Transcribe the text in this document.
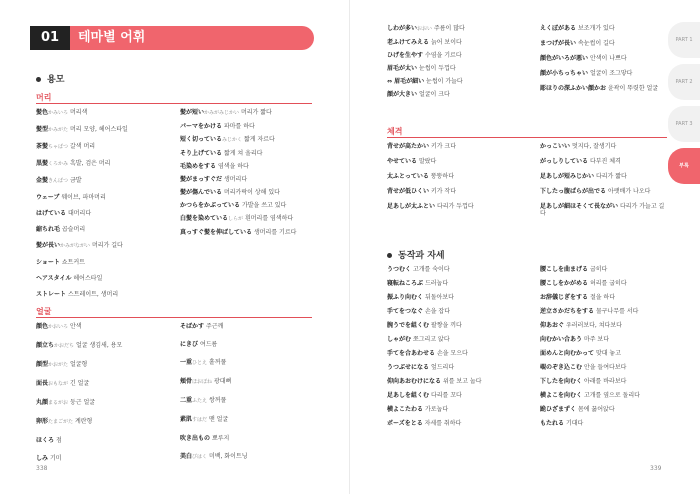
01	테마별 어휘
용모
머리
髪色かみいろ 머리색
髪型かみがた 머리 모양, 헤어스타일
茶髪ちゃぱつ 갈색 머리
黒髪くろかみ 흑발, 검은 머리
金髪きんぱつ 금발
ウェーブ 웨이브, 파마머리
はげている 대머리다
縮ちれ毛 곱슬머리
髪が長いかみがながい 머리가 길다
ショート 쇼트커트
ヘアスタイル 헤어스타일
ストレート 스트레이트, 생머리
髪が短いかみがみじかい 머리가 짧다
パーマをかける 파마를 하다
短く切っているみじかく 짧게 자르다
そり上げている 짧게 쳐 올리다
毛染めをする 염색을 하다
髪がまっすぐだ 생머리다
髪が傷んでいる 머리카락이 상해 있다
かつらをかぶっている 가발을 쓰고 있다
白髪を染めているしらが 흰머리를 염색하다
真っすぐ髪を伸ばしている 생머리를 기르다
얼굴
顔色かおいろ 안색
顔立ちかおだち 얼굴 생김새, 용모
顔型かおがた 얼굴형
面長おもなが 긴 얼굴
丸顔まるがお 둥근 얼굴
卵形たまごがた 계란형
ほくろ 점
しみ 기미
そばかす 주근깨
にきび 여드름
一重ひとえ 홑꺼풀
頬骨ほおぼね 광대뼈
二重ふたえ 쌍꺼풀
素肌すはだ 맨 얼굴
吹き出もの 뾰루지
美白びはく 미백, 화이트닝
338
しわが多いおおい 주름이 많다
老ふけてみえる 늙어 보이다
ひげを生やす 수염을 기르다
眉毛が太い 눈썹이 두껍다
⇔ 眉毛が細い 눈썹이 가늘다
顔が大きい 얼굴이 크다
えくぼがある 보조개가 있다
まつげが長い 속눈썹이 길다
顔色がいろが悪い 안색이 나쁘다
顔が小ちっちゃい 얼굴이 조그맣다
彫ほりの深ふかい顔かお 윤곽이 뚜렷한 얼굴
체격
背せが高たかい 키가 크다
やせている 말랐다
太ふとっている 뚱뚱하다
背せが低ひくい 키가 작다
足あしが太ふとい 다리가 두껍다
かっこいい 멋지다, 잘생기다
がっしりしている 다부진 체격
足あしが短みじかい 다리가 짧다
下したっ腹ぱらが出でる 아랫배가 나오다
足あしが細ほそくて長ながい 다리가 가늘고 길다
동작과 자세
うつむく 고개를 숙이다
寝転ねころぶ 드러눕다
振ふり向むく 뒤돌아보다
手てをつなぐ 손을 잡다
腕うでを組くむ 팔짱을 끼다
しゃがむ 쪼그리고 앉다
手てを合あわせる 손을 모으다
うつぶせになる 엎드리다
仰向あおむけになる 위를 보고 눕다
足あしを組くむ 다리를 꼬다
横よこたわる 가로눕다
ポーズをとる 자세를 취하다
腰こしを曲まげる 굽히다
腰こしをかがめる 허리를 굽히다
お辞儀じぎをする 절을 하다
逆立さかだちをする 물구나무를 서다
仰あおぐ 우러러보다, 쳐다보다
向むかい合あう 마주 보다
面めんと向むかって 맞대 놓고
覗のぞき込こむ 안을 들여다보다
下したを向むく 아래를 바라보다
横よこを向むく 고개를 옆으로 돌리다
跪ひざまずく 몸에 꿇어앉다
もたれる 기대다
339
PART 1
PART 2
PART 3
부록
